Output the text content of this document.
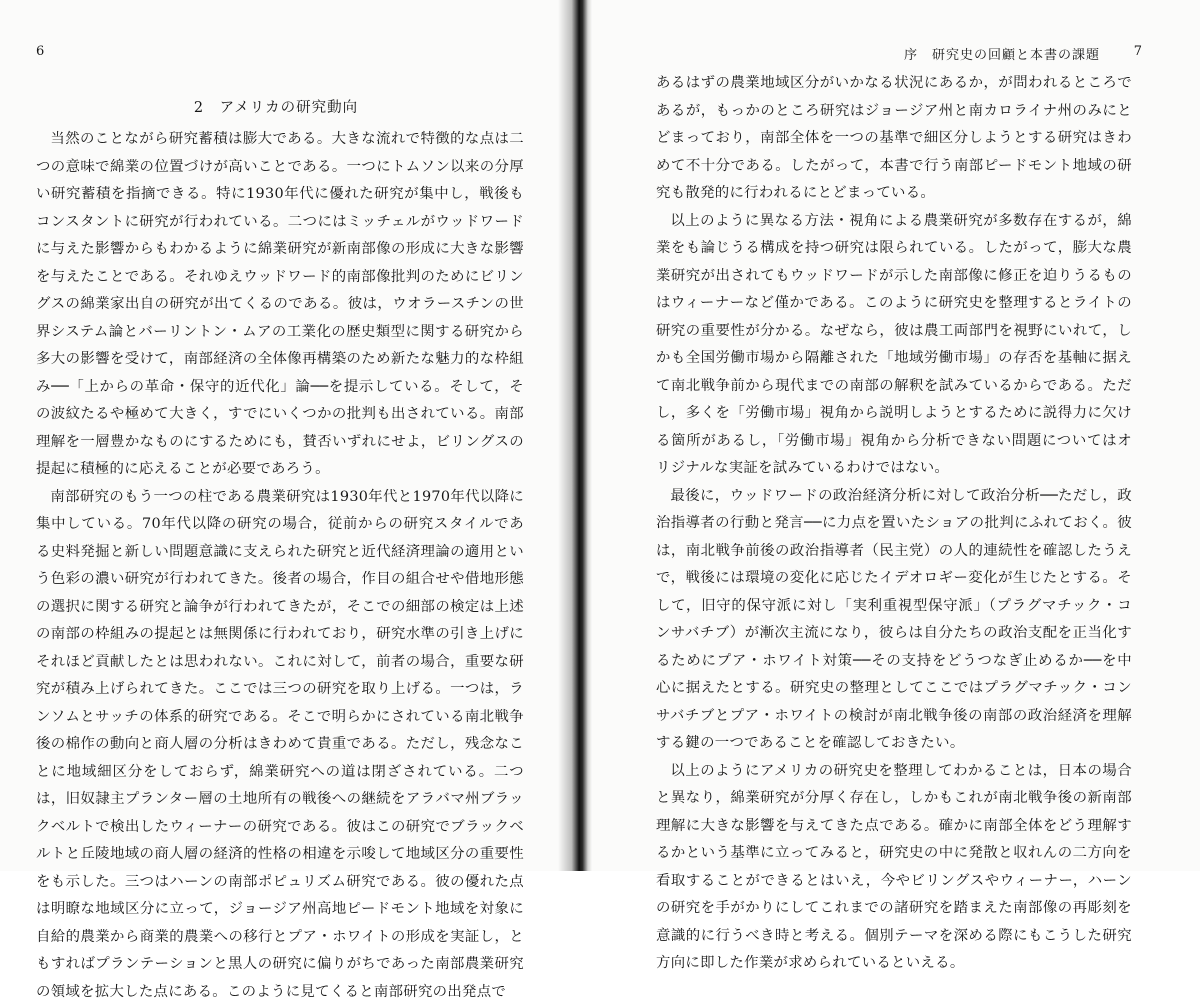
6
2　アメリカの研究動向

当然のことながら研究蓄積は膨大である。大きな流れで特徴的な点は二つの意味で綿業の位置づけが高いことである。一つにトムソン以来の分厚い研究蓄積を指摘できる。特に1930年代に優れた研究が集中し，戦後もコンスタントに研究が行われている。二つにはミッチェルがウッドワードに与えた影響からもわかるように綿業研究が新南部像の形成に大きな影響を与えたことである。それゆえウッドワード的南部像批判のためにビリングスの綿業家出自の研究が出てくるのである。彼は，ウオラースチンの世界システム論とバーリントン・ムアの工業化の歴史類型に関する研究から多大の影響を受けて，南部経済の全体像再構築のため新たな魅力的な枠組み──「上からの革命・保守的近代化」論──を提示している。そして，その波紋たるや極めて大きく，すでにいくつかの批判も出されている。南部理解を一層豊かなものにするためにも，賛否いずれにせよ，ビリングスの提起に積極的に応えることが必要であろう。

南部研究のもう一つの柱である農業研究は1930年代と1970年代以降に集中している。70年代以降の研究の場合，従前からの研究スタイルである史料発掘と新しい問題意識に支えられた研究と近代経済理論の適用という色彩の濃い研究が行われてきた。後者の場合，作目の組合せや借地形態の選択に関する研究と論争が行われてきたが，そこでの細部の検定は上述の南部の枠組みの提起とは無関係に行われており，研究水準の引き上げにそれほど貢献したとは思われない。これに対して，前者の場合，重要な研究が積み上げられてきた。ここでは三つの研究を取り上げる。一つは，ランソムとサッチの体系的研究である。そこで明らかにされている南北戦争後の棉作の動向と商人層の分析はきわめて貴重である。ただし，残念なことに地域細区分をしておらず，綿業研究への道は閉ざされている。二つは，旧奴隷主プランター層の土地所有の戦後への継続をアラバマ州ブラックベルトで検出したウィーナーの研究である。彼はこの研究でブラックベルトと丘陵地域の商人層の経済的性格の相違を示唆して地域区分の重要性をも示した。三つはハーンの南部ポピュリズム研究である。彼の優れた点は明瞭な地域区分に立って，ジョージア州高地ピードモント地域を対象に自給的農業から商業的農業への移行とプア・ホワイトの形成を実証し，ともすればプランテーションと黒人の研究に偏りがちであった南部農業研究の領域を拡大した点にある。このように見てくると南部研究の出発点で

序　研究史の回顧と本書の課題	7

あるはずの農業地域区分がいかなる状況にあるか，が問われるところであるが，もっかのところ研究はジョージア州と南カロライナ州のみにとどまっており，南部全体を一つの基準で細区分しようとする研究はきわめて不十分である。したがって，本書で行う南部ピードモント地域の研究も散発的に行われるにとどまっている。

以上のように異なる方法・視角による農業研究が多数存在するが，綿業をも論じうる構成を持つ研究は限られている。したがって，膨大な農業研究が出されてもウッドワードが示した南部像に修正を迫りうるものはウィーナーなど僅かである。このように研究史を整理するとライトの研究の重要性が分かる。なぜなら，彼は農工両部門を視野にいれて，しかも全国労働市場から隔離された「地域労働市場」の存否を基軸に据えて南北戦争前から現代までの南部の解釈を試みているからである。ただし，多くを「労働市場」視角から説明しようとするために説得力に欠ける箇所があるし，「労働市場」視角から分析できない問題についてはオリジナルな実証を試みているわけではない。

最後に，ウッドワードの政治経済分析に対して政治分析──ただし，政治指導者の行動と発言──に力点を置いたショアの批判にふれておく。彼は，南北戦争前後の政治指導者（民主党）の人的連続性を確認したうえで，戦後には環境の変化に応じたイデオロギー変化が生じたとする。そして，旧守的保守派に対し「実利重視型保守派」（プラグマチック・コンサバチブ）が漸次主流になり，彼らは自分たちの政治支配を正当化するためにプア・ホワイト対策──その支持をどうつなぎ止めるか──を中心に据えたとする。研究史の整理としてここではプラグマチック・コンサバチブとプア・ホワイトの検討が南北戦争後の南部の政治経済を理解する鍵の一つであることを確認しておきたい。

以上のようにアメリカの研究史を整理してわかることは，日本の場合と異なり，綿業研究が分厚く存在し，しかもこれが南北戦争後の新南部理解に大きな影響を与えてきた点である。確かに南部全体をどう理解するかという基準に立ってみると，研究史の中に発散と収れんの二方向を看取することができるとはいえ，今やビリングスやウィーナー，ハーンの研究を手がかりにしてこれまでの諸研究を踏まえた南部像の再彫刻を意識的に行うべき時と考える。個別テーマを深める際にもこうした研究方向に即した作業が求められているといえる。
